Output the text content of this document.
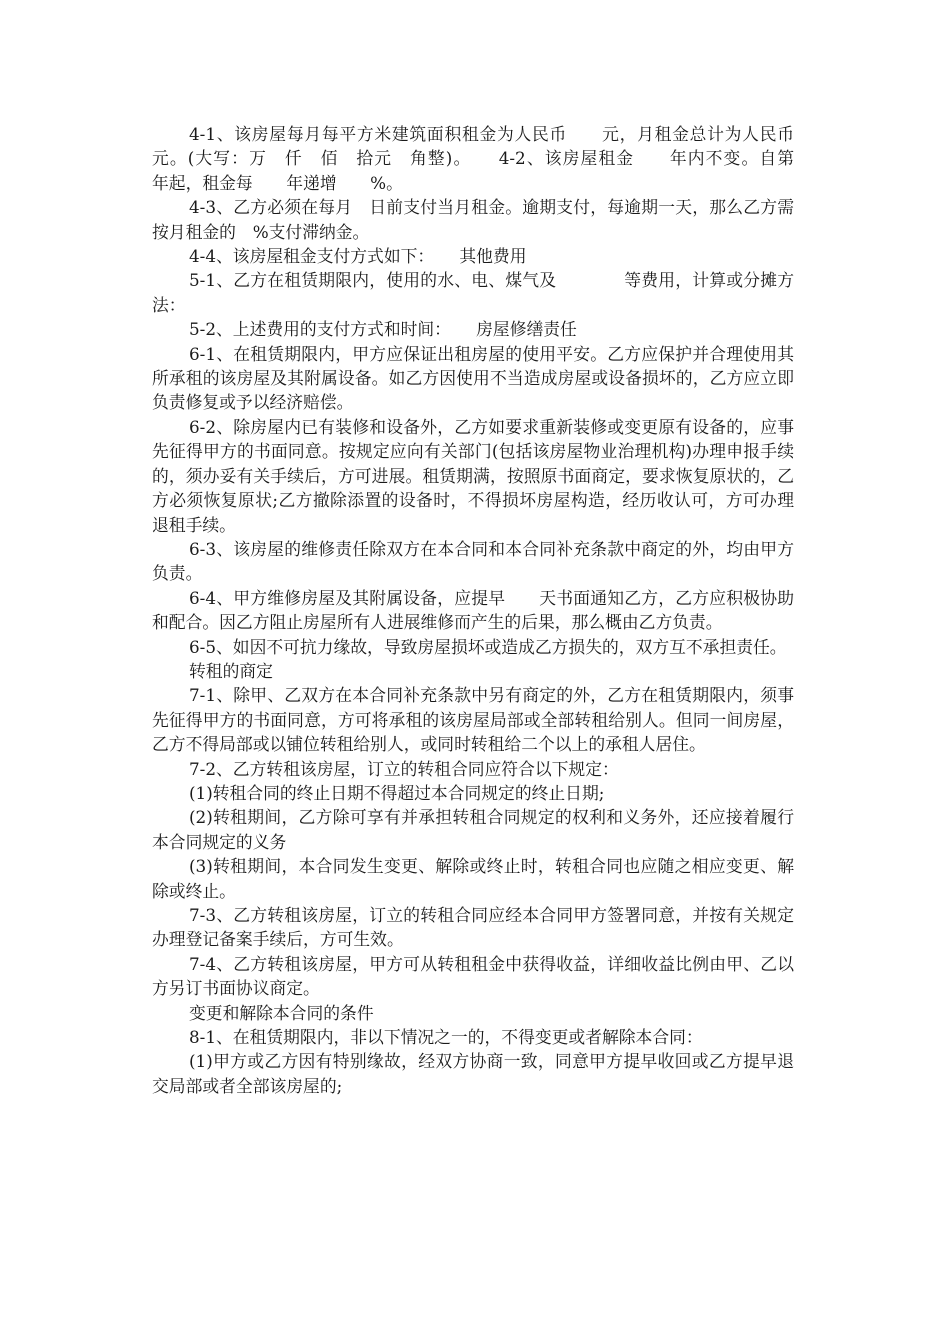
4-1、该房屋每月每平方米建筑面积租金为人民币　　元，月租金总计为人民币　 元。(大写：万　仟　佰　拾元　角整)。　　4-2、该房屋租金　　年内不变。自第　　年起，租金每　　年递增　　%。

4-3、乙方必须在每月　日前支付当月租金。逾期支付，每逾期一天，那么乙方需按月租金的　%支付滞纳金。

4-4、该房屋租金支付方式如下：　　其他费用

5-1、乙方在租赁期限内，使用的水、电、煤气及　　　　等费用，计算或分摊方法：

5-2、上述费用的支付方式和时间：　　房屋修缮责任

6-1、在租赁期限内，甲方应保证出租房屋的使用平安。乙方应保护并合理使用其所承租的该房屋及其附属设备。如乙方因使用不当造成房屋或设备损坏的，乙方应立即负责修复或予以经济赔偿。

6-2、除房屋内已有装修和设备外，乙方如要求重新装修或变更原有设备的，应事先征得甲方的书面同意。按规定应向有关部门(包括该房屋物业治理机构)办理申报手续的，须办妥有关手续后，方可进展。租赁期满，按照原书面商定，要求恢复原状的，乙方必须恢复原状;乙方撤除添置的设备时，不得损坏房屋构造，经历收认可，方可办理退租手续。

6-3、该房屋的维修责任除双方在本合同和本合同补充条款中商定的外，均由甲方负责。

6-4、甲方维修房屋及其附属设备，应提早　　天书面通知乙方，乙方应积极协助和配合。因乙方阻止房屋所有人进展维修而产生的后果，那么概由乙方负责。

6-5、如因不可抗力缘故，导致房屋损坏或造成乙方损失的，双方互不承担责任。

转租的商定

7-1、除甲、乙双方在本合同补充条款中另有商定的外，乙方在租赁期限内，须事先征得甲方的书面同意，方可将承租的该房屋局部或全部转租给别人。但同一间房屋，乙方不得局部或以铺位转租给别人，或同时转租给二个以上的承租人居住。

7-2、乙方转租该房屋，订立的转租合同应符合以下规定：

(1)转租合同的终止日期不得超过本合同规定的终止日期;

(2)转租期间，乙方除可享有并承担转租合同规定的权利和义务外，还应接着履行本合同规定的义务

(3)转租期间，本合同发生变更、解除或终止时，转租合同也应随之相应变更、解除或终止。

7-3、乙方转租该房屋，订立的转租合同应经本合同甲方签署同意，并按有关规定办理登记备案手续后，方可生效。

7-4、乙方转租该房屋，甲方可从转租租金中获得收益，详细收益比例由甲、乙以方另订书面协议商定。

变更和解除本合同的条件

8-1、在租赁期限内，非以下情况之一的，不得变更或者解除本合同：

(1)甲方或乙方因有特别缘故，经双方协商一致，同意甲方提早收回或乙方提早退交局部或者全部该房屋的;
